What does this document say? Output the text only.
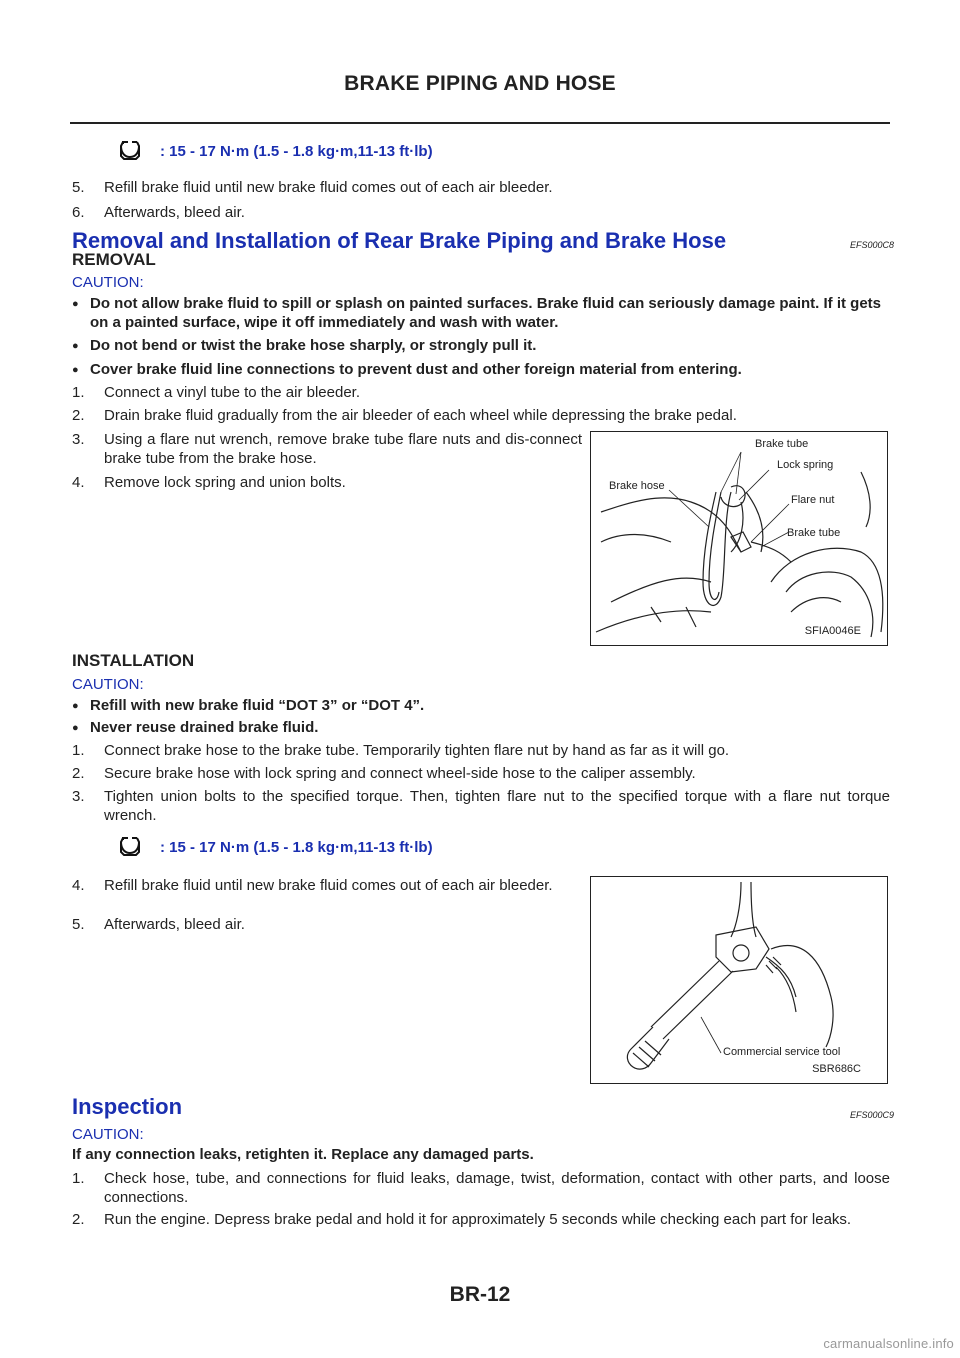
BRAKE PIPING AND HOSE
: 15 - 17 N·m (1.5 - 1.8 kg·m,11-13 ft·lb)
5.	Refill brake fluid until new brake fluid comes out of each air bleeder.
6.	Afterwards, bleed air.
Removal and Installation of Rear Brake Piping and Brake Hose	EFS000C8
REMOVAL
CAUTION:
● Do not allow brake fluid to spill or splash on painted surfaces. Brake fluid can seriously damage paint. If it gets on a painted surface, wipe it off immediately and wash with water.
● Do not bend or twist the brake hose sharply, or strongly pull it.
● Cover brake fluid line connections to prevent dust and other foreign material from entering.
1.	Connect a vinyl tube to the air bleeder.
2.	Drain brake fluid gradually from the air bleeder of each wheel while depressing the brake pedal.
3.	Using a flare nut wrench, remove brake tube flare nuts and dis-connect brake tube from the brake hose.
4.	Remove lock spring and union bolts.
Brake tube
Lock spring
Brake hose
Flare nut
Brake tube
SFIA0046E
INSTALLATION
CAUTION:
● Refill with new brake fluid “DOT 3” or “DOT 4”.
● Never reuse drained brake fluid.
1.	Connect brake hose to the brake tube. Temporarily tighten flare nut by hand as far as it will go.
2.	Secure brake hose with lock spring and connect wheel-side hose to the caliper assembly.
3.	Tighten union bolts to the specified torque. Then, tighten flare nut to the specified torque with a flare nut torque wrench.
: 15 - 17 N·m (1.5 - 1.8 kg·m,11-13 ft·lb)
4.	Refill brake fluid until new brake fluid comes out of each air bleeder.
5.	Afterwards, bleed air.
Commercial service tool
SBR686C
Inspection	EFS000C9
CAUTION:
If any connection leaks, retighten it. Replace any damaged parts.
1.	Check hose, tube, and connections for fluid leaks, damage, twist, deformation, contact with other parts, and loose connections.
2.	Run the engine. Depress brake pedal and hold it for approximately 5 seconds while checking each part for leaks.
BR-12
carmanualsonline.info
